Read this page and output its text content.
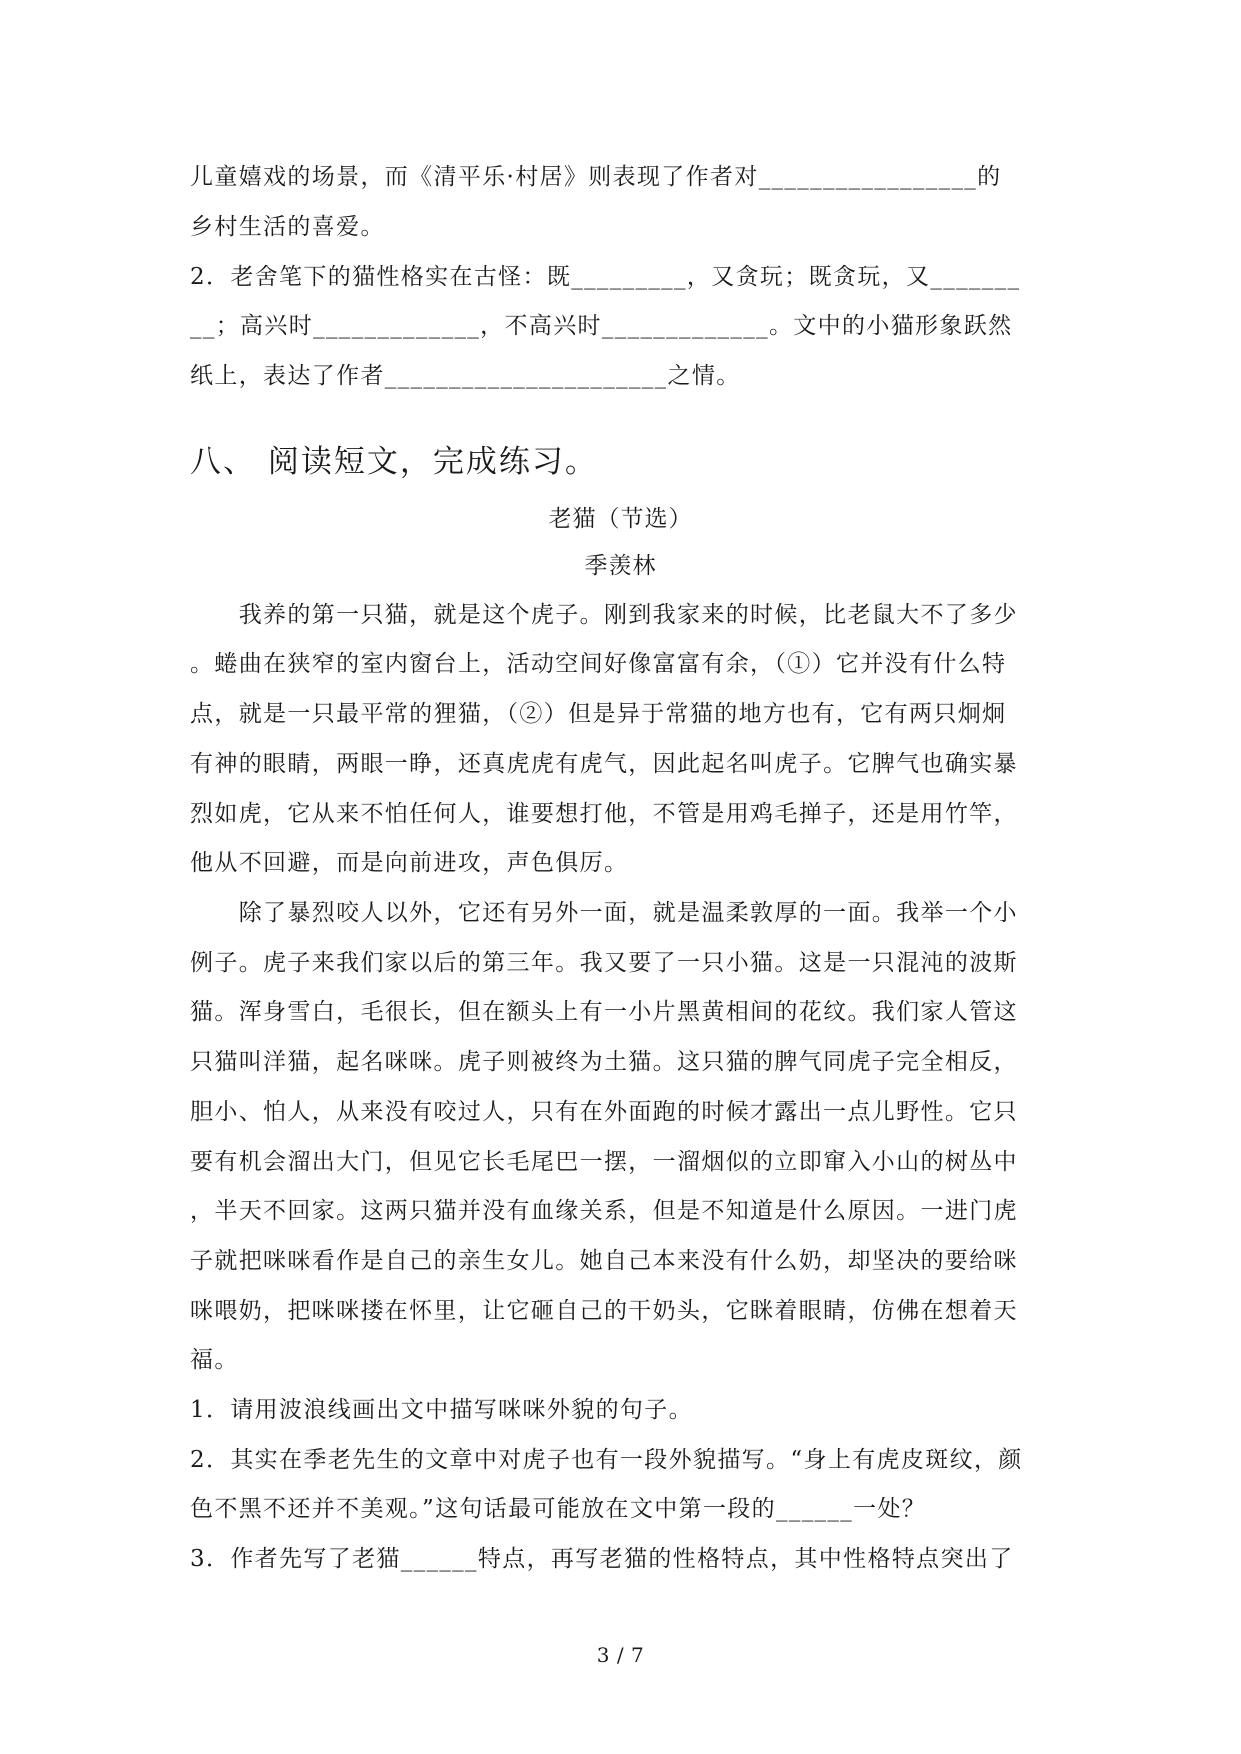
儿童嬉戏的场景，而《清平乐·村居》则表现了作者对_________________的
乡村生活的喜爱。
2．老舍笔下的猫性格实在古怪：既_________，又贪玩；既贪玩，又_______
__；高兴时_____________，不高兴时_____________。文中的小猫形象跃然
纸上，表达了作者______________________之情。
八、 阅读短文，完成练习。
老猫（节选）
季羡林
　　我养的第一只猫，就是这个虎子。刚到我家来的时候，比老鼠大不了多少
。蜷曲在狭窄的室内窗台上，活动空间好像富富有余，（①）它并没有什么特
点，就是一只最平常的狸猫，（②）但是异于常猫的地方也有，它有两只炯炯
有神的眼睛，两眼一睁，还真虎虎有虎气，因此起名叫虎子。它脾气也确实暴
烈如虎，它从来不怕任何人，谁要想打他，不管是用鸡毛掸子，还是用竹竿，
他从不回避，而是向前进攻，声色俱厉。
　　除了暴烈咬人以外，它还有另外一面，就是温柔敦厚的一面。我举一个小
例子。虎子来我们家以后的第三年。我又要了一只小猫。这是一只混沌的波斯
猫。浑身雪白，毛很长，但在额头上有一小片黑黄相间的花纹。我们家人管这
只猫叫洋猫，起名咪咪。虎子则被终为土猫。这只猫的脾气同虎子完全相反，
胆小、怕人，从来没有咬过人，只有在外面跑的时候才露出一点儿野性。它只
要有机会溜出大门，但见它长毛尾巴一摆，一溜烟似的立即窜入小山的树丛中
，半天不回家。这两只猫并没有血缘关系，但是不知道是什么原因。一进门虎
子就把咪咪看作是自己的亲生女儿。她自己本来没有什么奶，却坚决的要给咪
咪喂奶，把咪咪搂在怀里，让它砸自己的干奶头，它眯着眼睛，仿佛在想着天
福。
1．请用波浪线画出文中描写咪咪外貌的句子。
2．其实在季老先生的文章中对虎子也有一段外貌描写。“身上有虎皮斑纹，颜
色不黑不还并不美观。”这句话最可能放在文中第一段的______一处？
3．作者先写了老猫______特点，再写老猫的性格特点，其中性格特点突出了
3 / 7
